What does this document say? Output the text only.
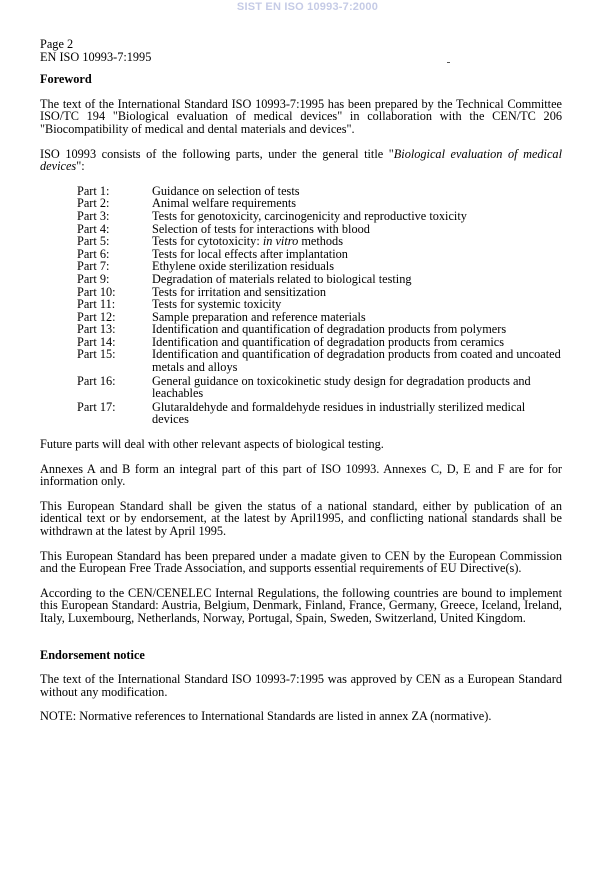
SIST EN ISO 10993-7:2000
Page 2
EN ISO 10993-7:1995
Foreword

The text of the International Standard ISO 10993-7:1995 has been prepared by the Technical Committee ISO/TC 194 "Biological evaluation of medical devices" in collaboration with the CEN/TC 206 "Biocompatibility of medical and dental materials and devices".

ISO 10993 consists of the following parts, under the general title "Biological evaluation of medical devices":

Part 1:	Guidance on selection of tests
Part 2:	Animal welfare requirements
Part 3:	Tests for genotoxicity, carcinogenicity and reproductive toxicity
Part 4:	Selection of tests for interactions with blood
Part 5:	Tests for cytotoxicity: in vitro methods
Part 6:	Tests for local effects after implantation
Part 7:	Ethylene oxide sterilization residuals
Part 9:	Degradation of materials related to biological testing
Part 10:	Tests for irritation and sensitization
Part 11:	Tests for systemic toxicity
Part 12:	Sample preparation and reference materials
Part 13:	Identification and quantification of degradation products from polymers
Part 14:	Identification and quantification of degradation products from ceramics
Part 15:	Identification and quantification of degradation products from coated and uncoated metals and alloys
Part 16:	General guidance on toxicokinetic study design for degradation products and leachables
Part 17:	Glutaraldehyde and formaldehyde residues in industrially sterilized medical devices

Future parts will deal with other relevant aspects of biological testing.

Annexes A and B form an integral part of this part of ISO 10993. Annexes C, D, E and F are for for information only.

This European Standard shall be given the status of a national standard, either by publication of an identical text or by endorsement, at the latest by April1995, and conflicting national standards shall be withdrawn at the latest by April 1995.

This European Standard has been prepared under a madate given to CEN by the European Commission and the European Free Trade Association, and supports essential requirements of EU Directive(s).

According to the CEN/CENELEC Internal Regulations, the following countries are bound to implement this European Standard: Austria, Belgium, Denmark, Finland, France, Germany, Greece, Iceland, Ireland, Italy, Luxembourg, Netherlands, Norway, Portugal, Spain, Sweden, Switzerland, United Kingdom.

Endorsement notice

The text of the International Standard ISO 10993-7:1995 was approved by CEN as a European Standard without any modification.

NOTE: Normative references to International Standards are listed in annex ZA (normative).
